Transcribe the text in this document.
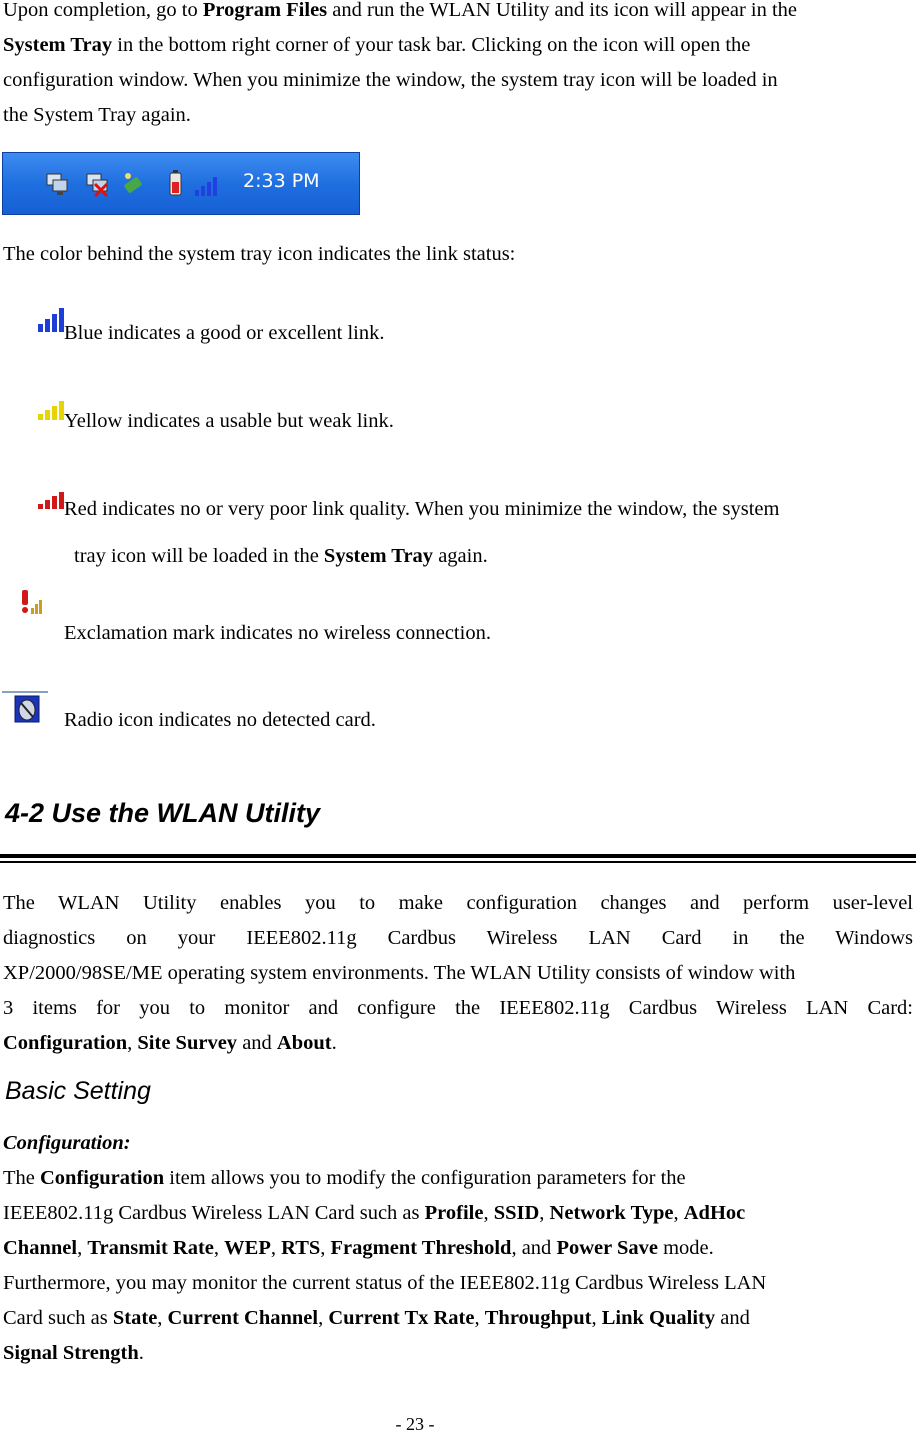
Upon completion, go to Program Files and run the WLAN Utility and its icon will appear in the
System Tray in the bottom right corner of your task bar. Clicking on the icon will open the
configuration window. When you minimize the window, the system tray icon will be loaded in
the System Tray again.
2:33 PM
The color behind the system tray icon indicates the link status:
Blue indicates a good or excellent link.
Yellow indicates a usable but weak link.
Red indicates no or very poor link quality. When you minimize the window, the system
tray icon will be loaded in the System Tray again.
Exclamation mark indicates no wireless connection.
Radio icon indicates no detected card.
4-2 Use the WLAN Utility
The WLAN Utility enables you to make configuration changes and perform user-level
diagnostics on your IEEE802.11g Cardbus Wireless LAN Card in the Windows
XP/2000/98SE/ME operating system environments. The WLAN Utility consists of window with
3 items for you to monitor and configure the IEEE802.11g Cardbus Wireless LAN Card:
Configuration, Site Survey and About.
Basic Setting
Configuration:
The Configuration item allows you to modify the configuration parameters for the
IEEE802.11g Cardbus Wireless LAN Card such as Profile, SSID, Network Type, AdHoc
Channel, Transmit Rate, WEP, RTS, Fragment Threshold, and Power Save mode.
Furthermore, you may monitor the current status of the IEEE802.11g Cardbus Wireless LAN
Card such as State, Current Channel, Current Tx Rate, Throughput, Link Quality and
Signal Strength.
- 23 -
